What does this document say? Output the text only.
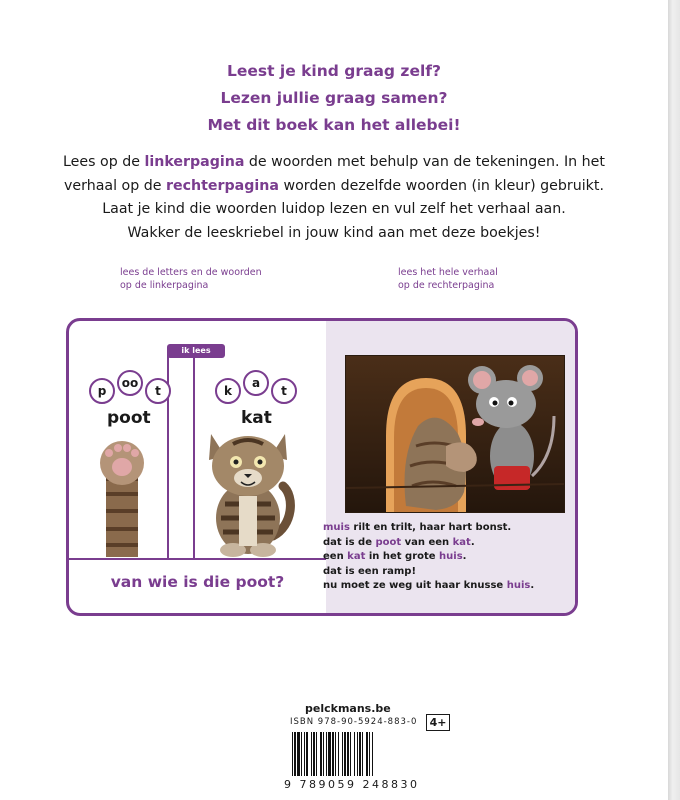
Leest je kind graag zelf?
Lezen jullie graag samen?
Met dit boek kan het allebei!
Lees op de linkerpagina de woorden met behulp van de tekeningen. In het
verhaal op de rechterpagina worden dezelfde woorden (in kleur) gebruikt.
Laat je kind die woorden luidop lezen en vul zelf het verhaal aan.
Wakker de leeskriebel in jouw kind aan met deze boekjes!
lees de letters en de woorden
op de linkerpagina
lees het hele verhaal
op de rechterpagina
ik lees
p
oo
t
poot
k
a
t
kat
van wie is die poot?
muis rilt en trilt, haar hart bonst.
dat is de poot van een kat.
een kat in het grote huis.
dat is een ramp!
nu moet ze weg uit haar knusse huis.
pelckmans.be
ISBN 978-90-5924-883-0	4+
9 789059 248830
